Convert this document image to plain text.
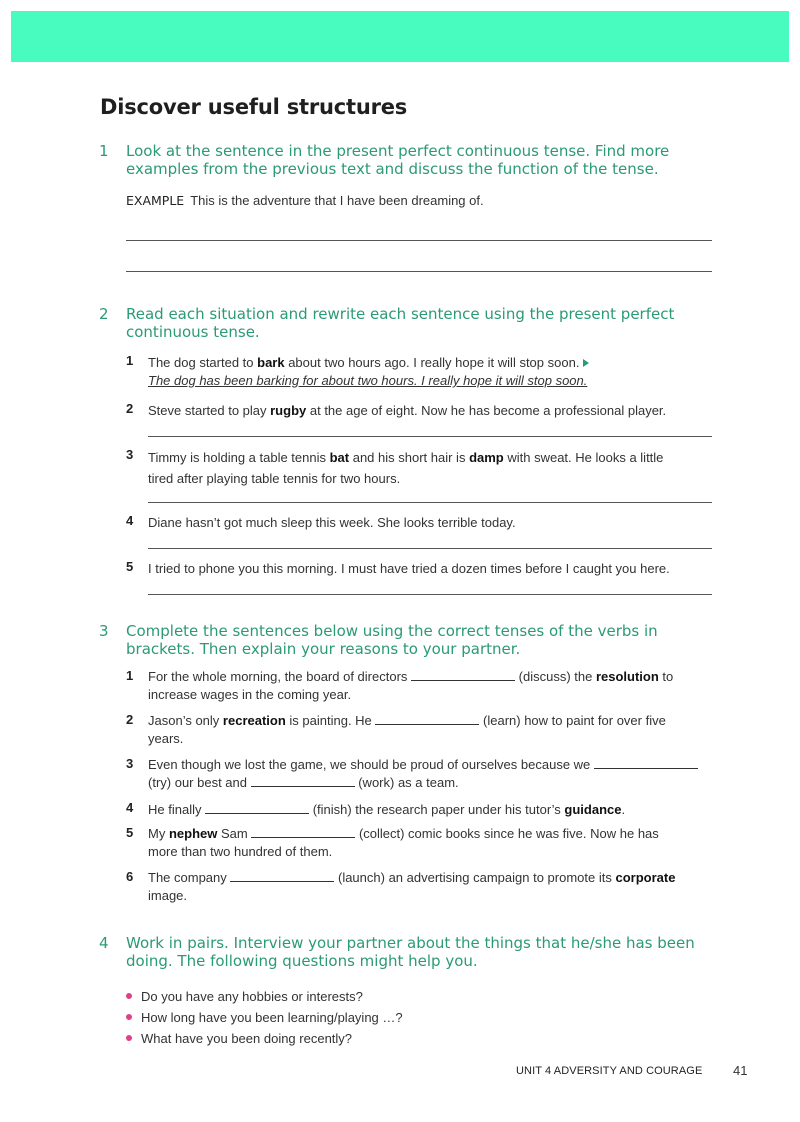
Discover useful structures
1 Look at the sentence in the present perfect continuous tense. Find more
examples from the previous text and discuss the function of the tense.
EXAMPLE This is the adventure that I have been dreaming of.
2 Read each situation and rewrite each sentence using the present perfect
continuous tense.
1 The dog started to bark about two hours ago. I really hope it will stop soon.
The dog has been barking for about two hours. I really hope it will stop soon.
2 Steve started to play rugby at the age of eight. Now he has become a professional player.
3 Timmy is holding a table tennis bat and his short hair is damp with sweat. He looks a little
tired after playing table tennis for two hours.
4 Diane hasn’t got much sleep this week. She looks terrible today.
5 I tried to phone you this morning. I must have tried a dozen times before I caught you here.
3 Complete the sentences below using the correct tenses of the verbs in
brackets. Then explain your reasons to your partner.
1 For the whole morning, the board of directors	(discuss) the resolution to
increase wages in the coming year.
2 Jason’s only recreation is painting. He	(learn) how to paint for over five
years.
3 Even though we lost the game, we should be proud of ourselves because we
(try) our best and	(work) as a team.
4 He finally	(finish) the research paper under his tutor’s guidance.
5 My nephew Sam	(collect) comic books since he was five. Now he has
more than two hundred of them.
6 The company	(launch) an advertising campaign to promote its corporate
image.
4 Work in pairs. Interview your partner about the things that he/she has been
doing. The following questions might help you.
Do you have any hobbies or interests?
How long have you been learning/playing …?
What have you been doing recently?
UNIT 4 ADVERSITY AND COURAGE 41
